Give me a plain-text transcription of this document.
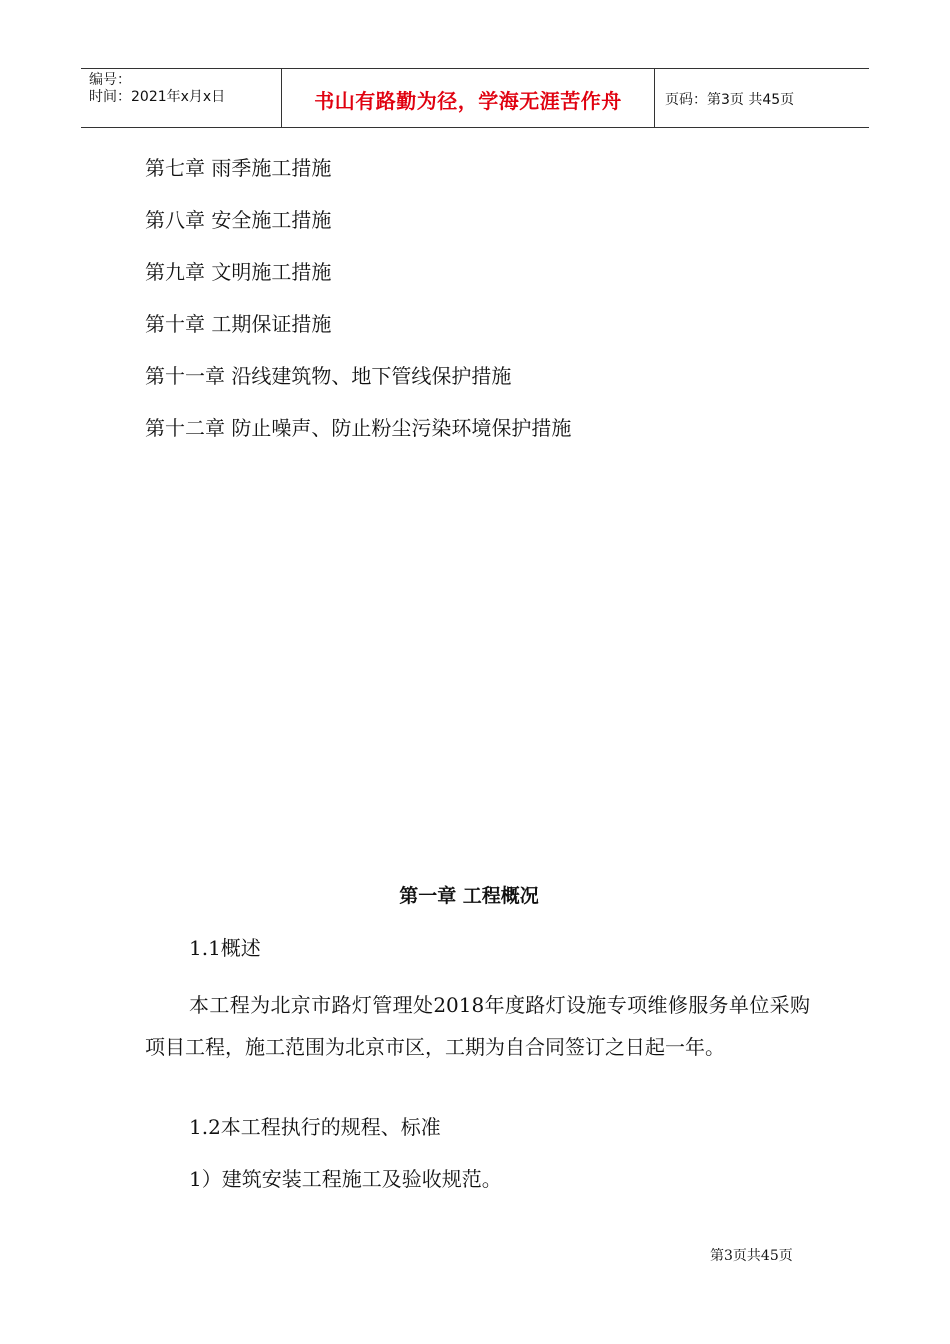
编号：
时间：2021年x月x日	书山有路勤为径，学海无涯苦作舟	页码：第3页 共45页
第七章 雨季施工措施
第八章 安全施工措施
第九章 文明施工措施
第十章 工期保证措施
第十一章 沿线建筑物、地下管线保护措施
第十二章 防止噪声、防止粉尘污染环境保护措施
第一章 工程概况
1.1概述
本工程为北京市路灯管理处2018年度路灯设施专项维修服务单位采购项目工程，施工范围为北京市区，工期为自合同签订之日起一年。
1.2本工程执行的规程、标准
1）建筑安装工程施工及验收规范。
第3页共45页
